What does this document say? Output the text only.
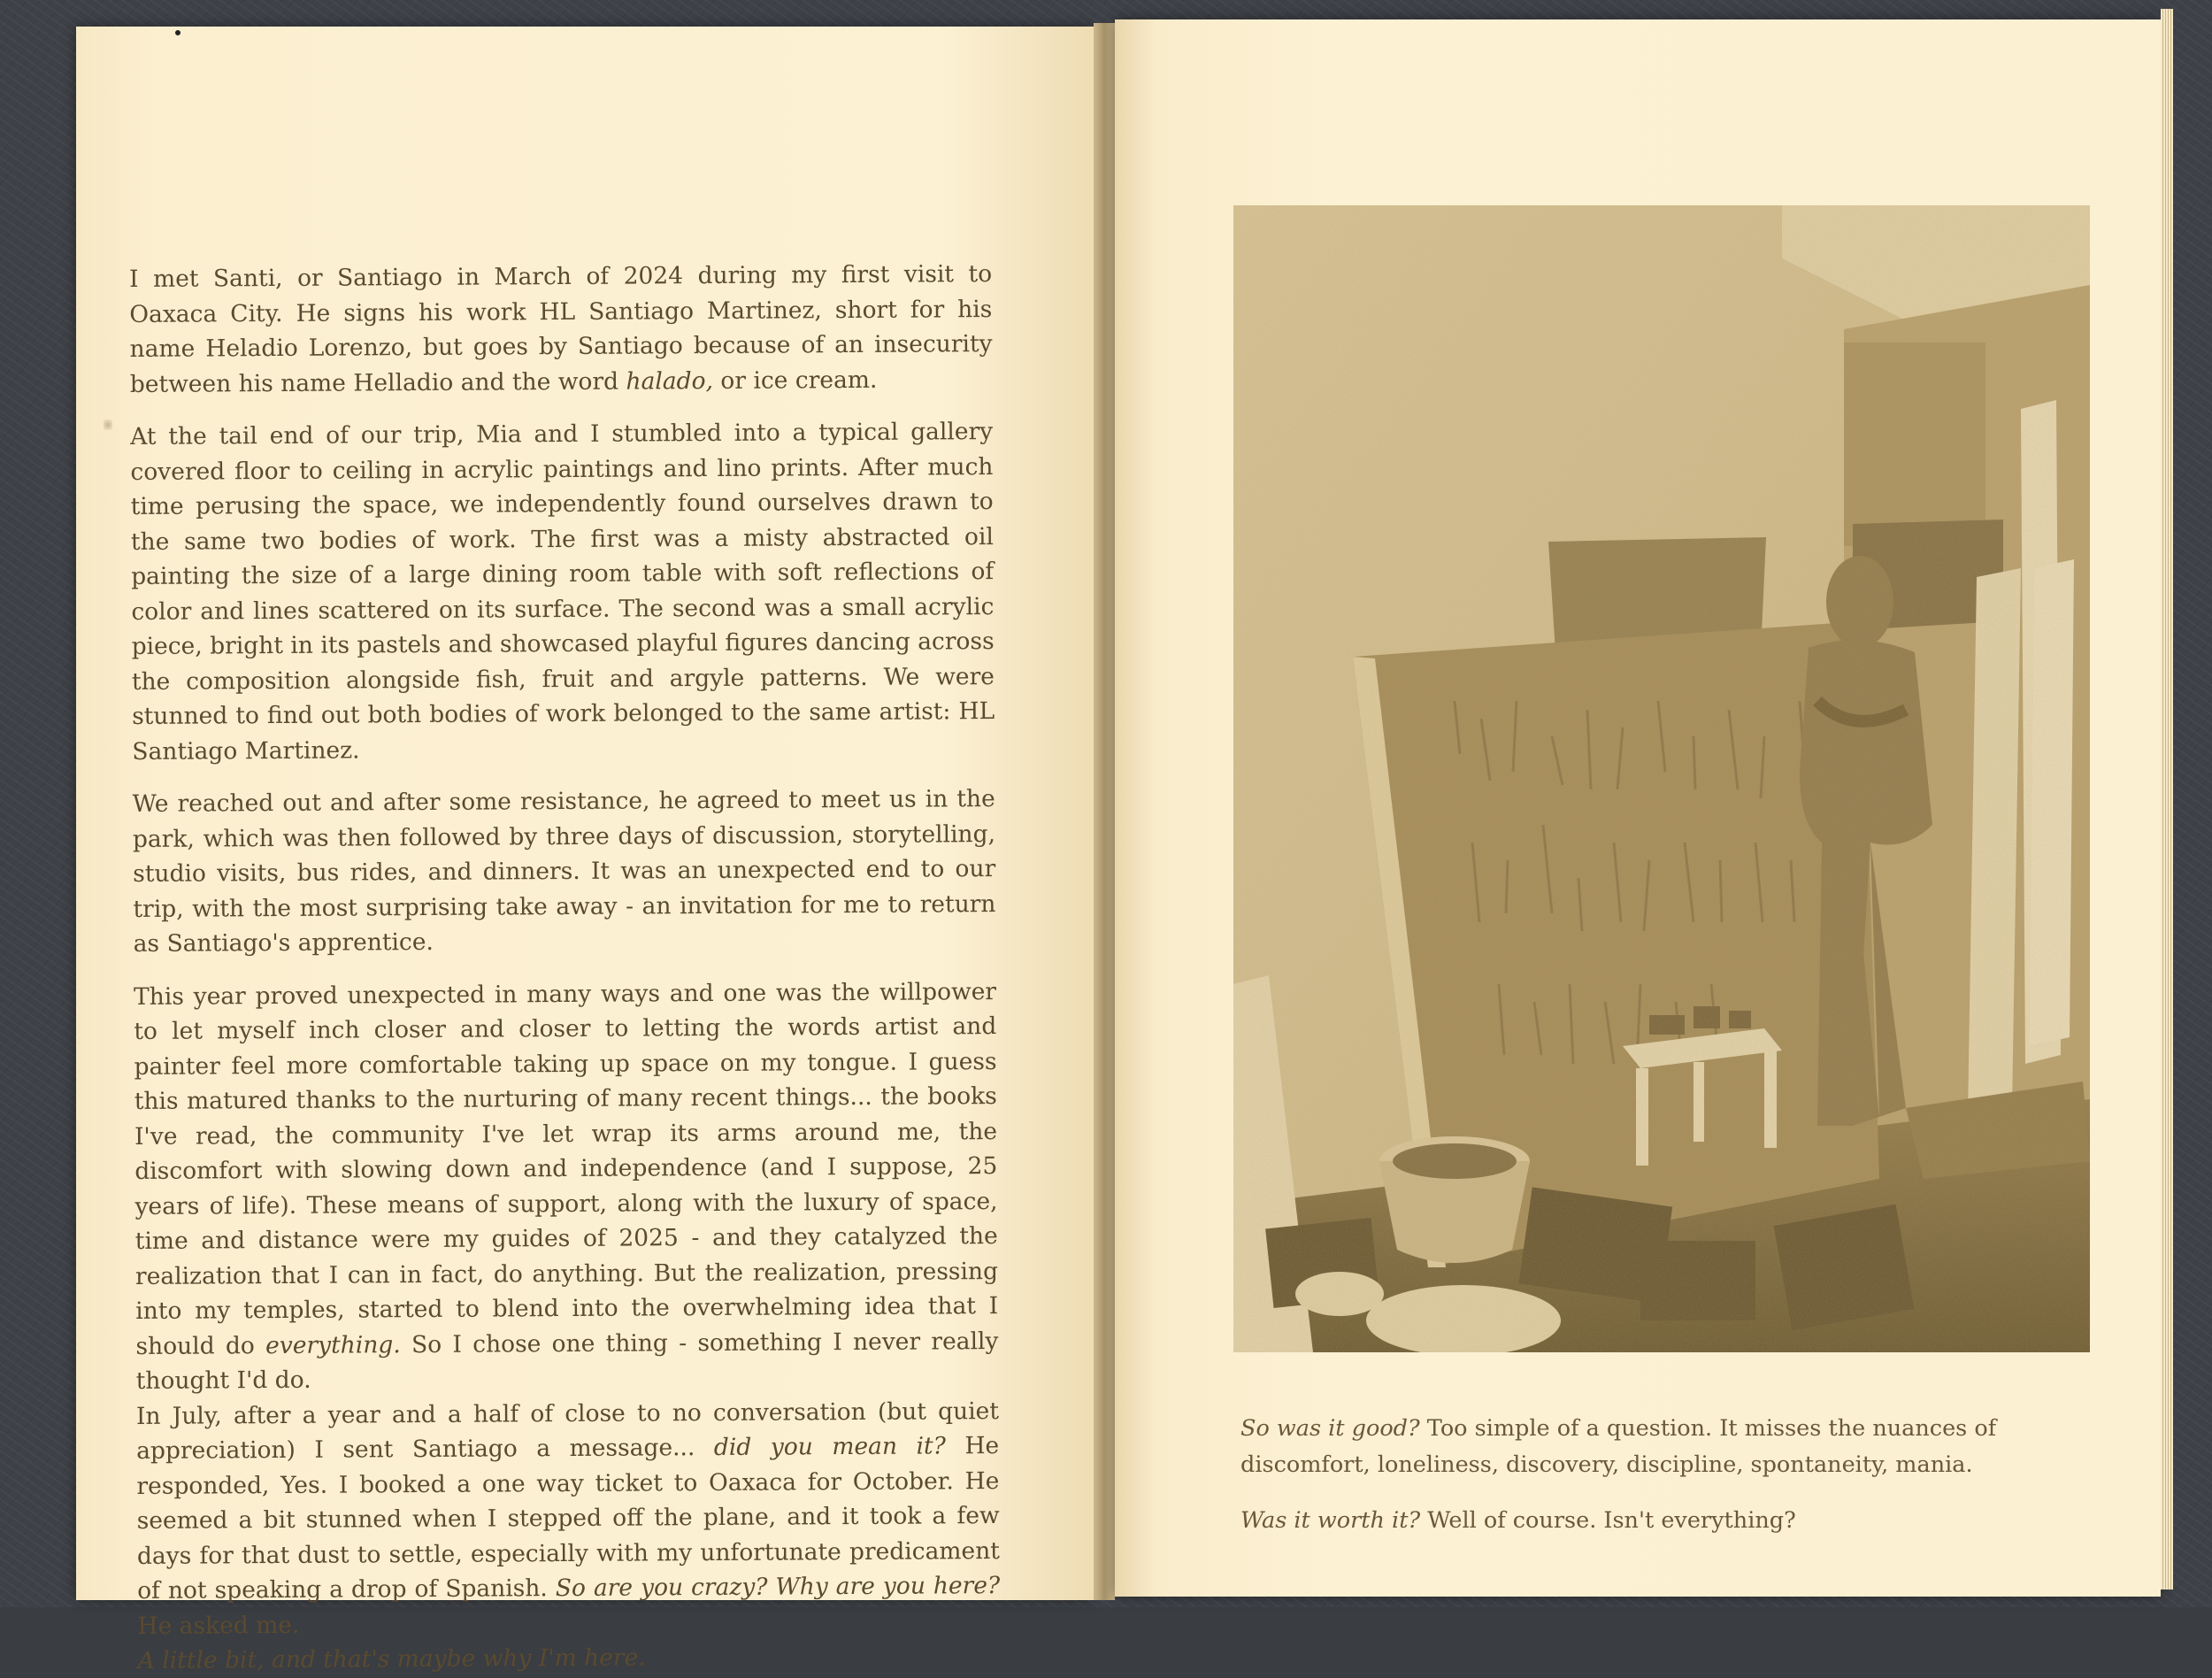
I met Santi, or Santiago in March of 2024 during my first visit to Oaxaca City. He signs his work HL Santiago Martinez, short for his name Heladio Lorenzo, but goes by Santiago because of an insecurity between his name Helladio and the word halado, or ice cream.

At the tail end of our trip, Mia and I stumbled into a typical gallery covered floor to ceiling in acrylic paintings and lino prints. After much time perusing the space, we independently found ourselves drawn to the same two bodies of work. The first was a misty abstracted oil painting the size of a large dining room table with soft reflections of color and lines scattered on its surface. The second was a small acrylic piece, bright in its pastels and showcased playful figures dancing across the composition alongside fish, fruit and argyle patterns. We were stunned to find out both bodies of work belonged to the same artist: HL Santiago Martinez.

We reached out and after some resistance, he agreed to meet us in the park, which was then followed by three days of discussion, storytelling, studio visits, bus rides, and dinners. It was an unexpected end to our trip, with the most surprising take away - an invitation for me to return as Santiago's apprentice.

This year proved unexpected in many ways and one was the willpower to let myself inch closer and closer to letting the words artist and painter feel more comfortable taking up space on my tongue. I guess this matured thanks to the nurturing of many recent things... the books I've read, the community I've let wrap its arms around me, the discomfort with slowing down and independence (and I suppose, 25 years of life). These means of support, along with the luxury of space, time and distance were my guides of 2025 - and they catalyzed the realization that I can in fact, do anything. But the realization, pressing into my temples, started to blend into the overwhelming idea that I should do everything. So I chose one thing - something I never really thought I'd do.

In July, after a year and a half of close to no conversation (but quiet appreciation) I sent Santiago a message... did you mean it? He responded, Yes. I booked a one way ticket to Oaxaca for October. He seemed a bit stunned when I stepped off the plane, and it took a few days for that dust to settle, especially with my unfortunate predicament of not speaking a drop of Spanish. So are you crazy? Why are you here? He asked me.

A little bit, and that's maybe why I'm here.

So was it good? Too simple of a question. It misses the nuances of discomfort, loneliness, discovery, discipline, spontaneity, mania.

Was it worth it? Well of course. Isn't everything?
